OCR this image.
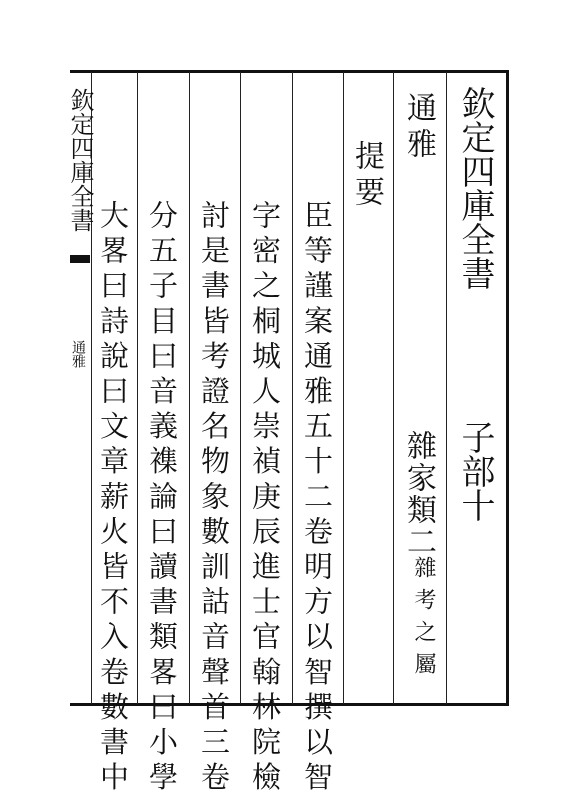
欽定四庫全書
子部十
通雅
雜家類二
雜考之屬
提要
臣等謹案通雅五十二卷明方以智撰以智
字密之桐城人崇禎庚辰進士官翰林院檢
討是書皆考證名物象數訓詁音聲首三卷
分五子目曰音義襍論曰讀書類畧曰小學
大畧曰詩說曰文章薪火皆不入卷數書中
欽定四庫全書
通雅
